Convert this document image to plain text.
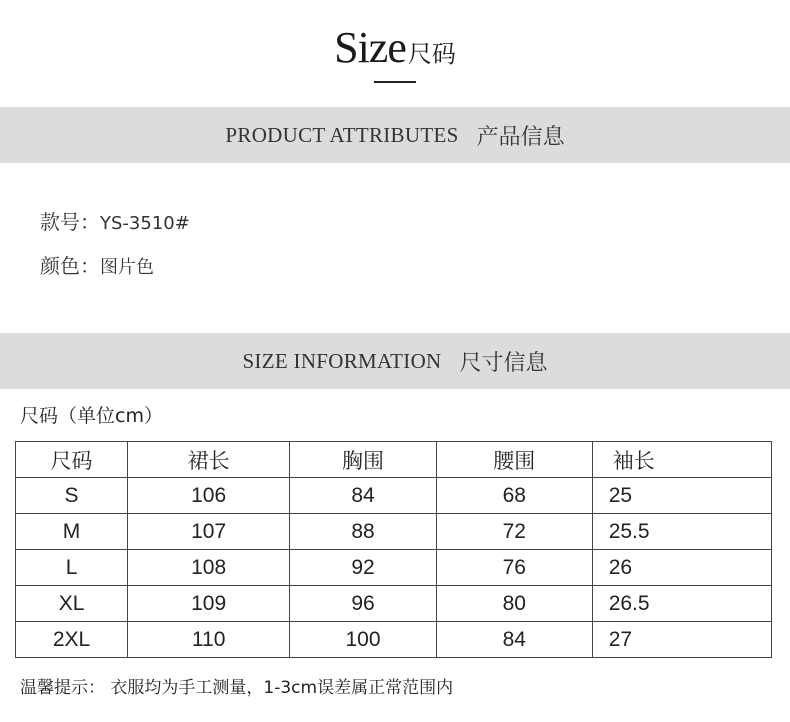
Size尺码
PRODUCT ATTRIBUTES 产品信息
款号：YS-3510#
颜色：图片色
SIZE INFORMATION 尺寸信息
尺码（单位cm）
尺码	裙长	胸围	腰围	袖长
S	106	84	68	25
M	107	88	72	25.5
L	108	92	76	26
XL	109	96	80	26.5
2XL	110	100	84	27
温馨提示： 衣服均为手工测量，1-3cm误差属正常范围内
